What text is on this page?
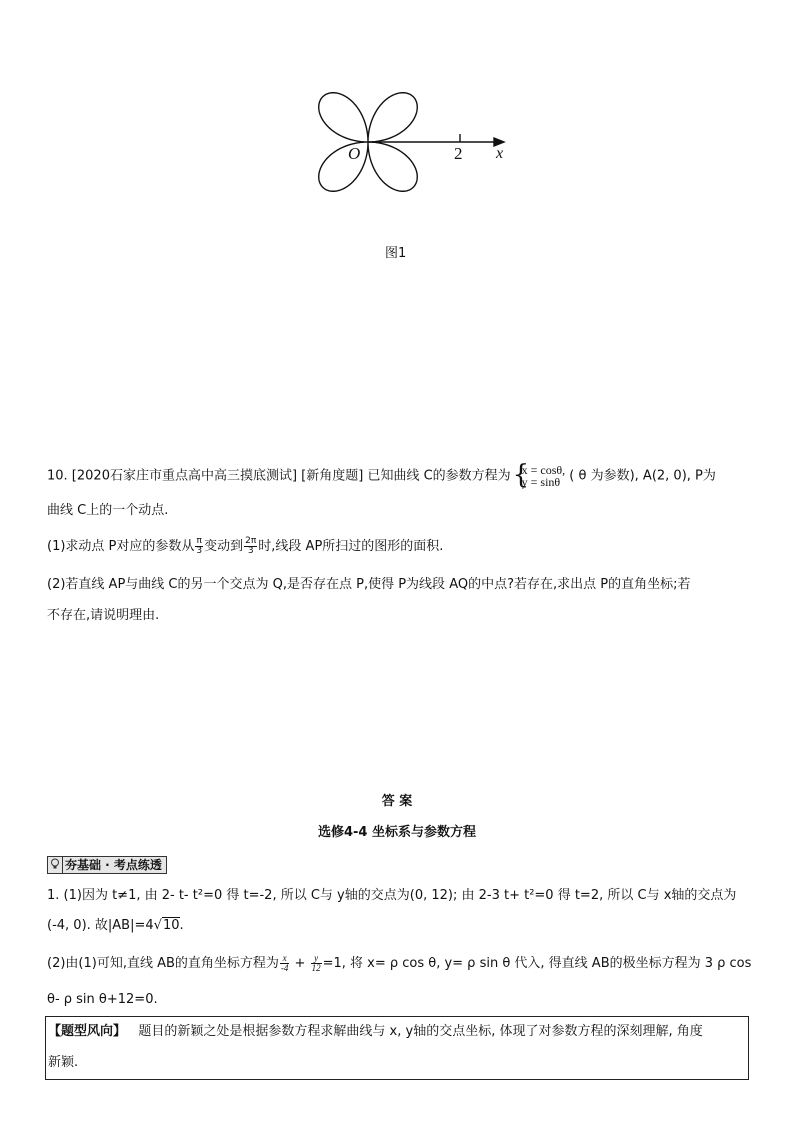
O	2 x
图1
10. [2020石家庄市重点高中高三摸底测试] [新角度题] 已知曲线 C的参数方程为 {
x = cosθ,
y = sinθ ( θ 为参数), A(2, 0), P为
曲线 C上的一个动点.
(1)求动点 P对应的参数从 $\frac{\pi}{3}$ 变动到 $\frac{2\pi}{3}$ 时,线段 AP所扫过的图形的面积.
(2)若直线 AP与曲线 C的另一个交点为 Q,是否存在点 P,使得 P为线段 AQ的中点?若存在,求出点 P的直角坐标;若
不存在,请说明理由.
答 案
选修4-4 坐标系与参数方程
夯基础 · 考点练透
1. (1)因为 t≠1, 由 2- t- t²=0 得 t=-2, 所以 C与 y轴的交点为(0, 12); 由 2-3 t+ t²=0 得 t=2, 所以 C与 x轴的交点为
(-4, 0). 故|AB|=4√10.
(2)由(1)可知,直线 AB的直角坐标方程为 $\frac{x}{-4} + \frac{y}{12} =1$, 将 x= ρ cos θ, y= ρ sin θ 代入, 得直线 AB的极坐标方程为 3 ρ cos
θ- ρ sin θ+12=0.
【题型风向】 题目的新颖之处是根据参数方程求解曲线与 x, y轴的交点坐标, 体现了对参数方程的深刻理解, 角度
新颖.
